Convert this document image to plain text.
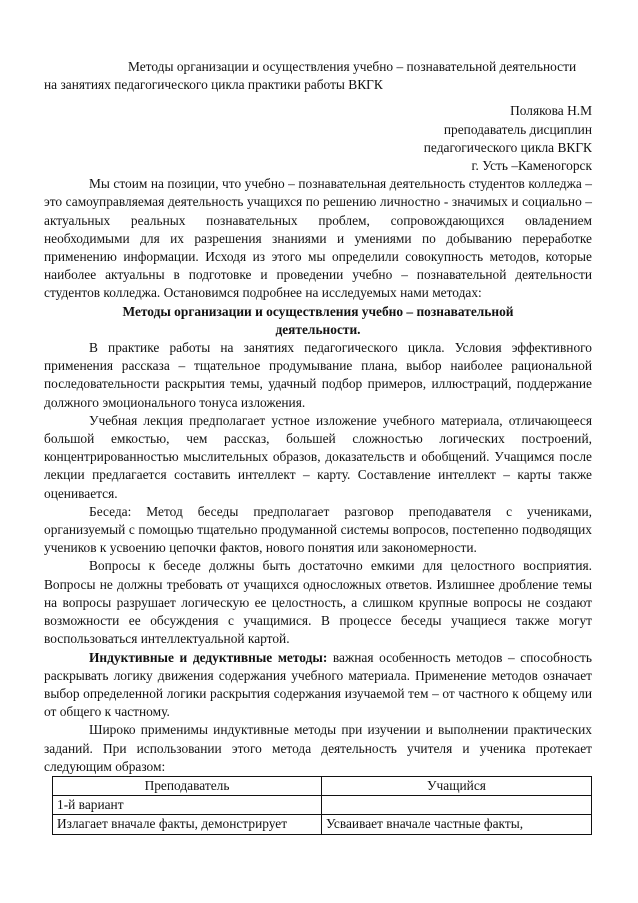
Методы организации и осуществления учебно – познавательной деятельности на занятиях педагогического цикла практики работы ВКГК
Полякова Н.М
преподаватель дисциплин
педагогического цикла ВКГК
г. Усть –Каменогорск
Мы стоим на позиции, что учебно – познавательная деятельность студентов колледжа – это самоуправляемая деятельность учащихся по решению личностно - значимых и социально – актуальных реальных познавательных проблем, сопровождающихся овладением необходимыми для их разрешения знаниями и умениями по добыванию переработке применению информации. Исходя из этого мы определили совокупность методов, которые наиболее актуальны в подготовке и проведении учебно – познавательной деятельности студентов колледжа. Остановимся подробнее на исследуемых нами методах:
Методы организации и осуществления учебно – познавательной деятельности.
В практике работы на занятиях педагогического цикла. Условия эффективного применения рассказа – тщательное продумывание плана, выбор наиболее рациональной последовательности раскрытия темы, удачный подбор примеров, иллюстраций, поддержание должного эмоционального тонуса изложения.
Учебная лекция предполагает устное изложение учебного материала, отличающееся большой емкостью, чем рассказ, большей сложностью логических построений, концентрированностью мыслительных образов, доказательств и обобщений. Учащимся после лекции предлагается составить интеллект – карту. Составление интеллект – карты также оценивается.
Беседа: Метод беседы предполагает разговор преподавателя с учениками, организуемый с помощью тщательно продуманной системы вопросов, постепенно подводящих учеников к усвоению цепочки фактов, нового понятия или закономерности.
Вопросы к беседе должны быть достаточно емкими для целостного восприятия. Вопросы не должны требовать от учащихся односложных ответов. Излишнее дробление темы на вопросы разрушает логическую ее целостность, а слишком крупные вопросы не создают возможности ее обсуждения с учащимися. В процессе беседы учащиеся также могут воспользоваться интеллектуальной картой.
Индуктивные и дедуктивные методы: важная особенность методов – способность раскрывать логику движения содержания учебного материала. Применение методов означает выбор определенной логики раскрытия содержания изучаемой тем – от частного к общему или от общего к частному.
Широко применимы индуктивные методы при изучении и выполнении практических заданий. При использовании этого метода деятельность учителя и ученика протекает следующим образом:
Преподаватель	Учащийся
1-й вариант	
Излагает вначале факты, демонстрирует	Усваивает вначале частные факты,
